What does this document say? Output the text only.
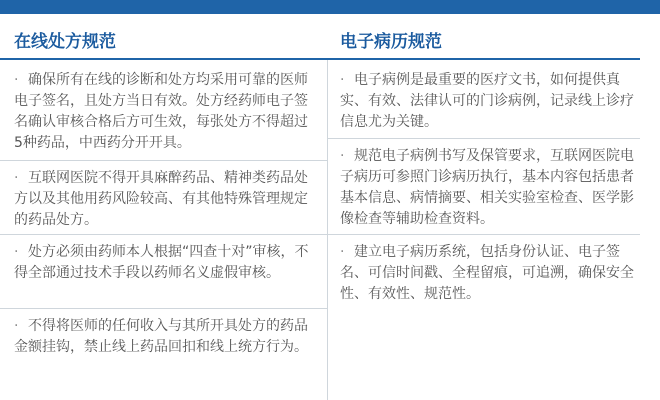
在线处方规范	电子病历规范
· 确保所有在线的诊断和处方均采用可靠的医师电子签名，且处方当日有效。处方经药师电子签名确认审核合格后方可生效，每张处方不得超过5种药品，中西药分开开具。
· 互联网医院不得开具麻醉药品、精神类药品处方以及其他用药风险较高、有其他特殊管理规定的药品处方。
· 处方必须由药师本人根据“四查十对”审核，不得全部通过技术手段以药师名义虚假审核。
· 不得将医师的任何收入与其所开具处方的药品金额挂钩，禁止线上药品回扣和线上统方行为。
· 电子病例是最重要的医疗文书，如何提供真实、有效、法律认可的门诊病例，记录线上诊疗信息尤为关键。
· 规范电子病例书写及保管要求，互联网医院电子病历可参照门诊病历执行，基本内容包括患者基本信息、病情摘要、相关实验室检查、医学影像检查等辅助检查资料。
· 建立电子病历系统，包括身份认证、电子签名、可信时间戳、全程留痕，可追溯，确保安全性、有效性、规范性。
